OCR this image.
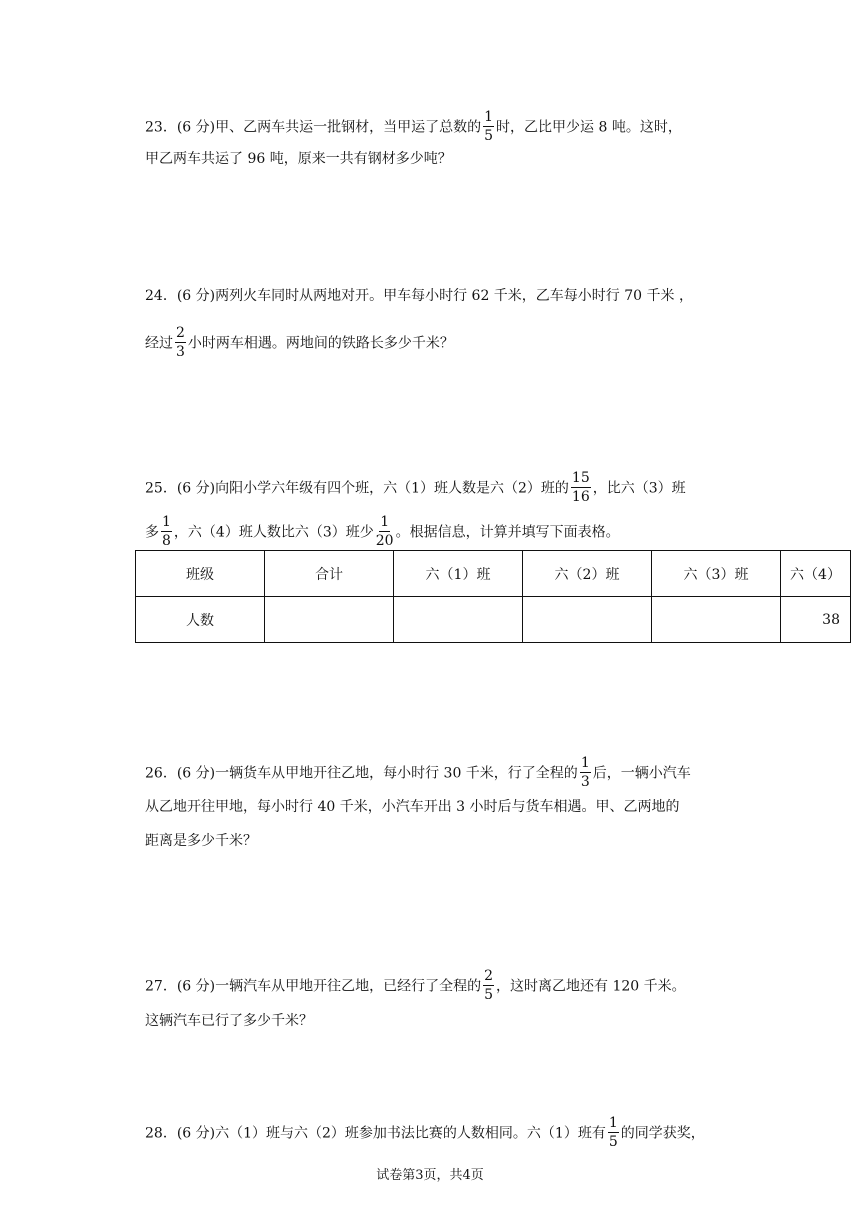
23．(6 分)甲、乙两车共运一批钢材，当甲运了总数的 $\frac{1}{5}$ 时，乙比甲少运 8 吨。这时，
甲乙两车共运了 96 吨，原来一共有钢材多少吨？
24．(6 分)两列火车同时从两地对开。甲车每小时行 62 千米，乙车每小时行 70 千米 ，
经过 $\frac{2}{3}$ 小时两车相遇。两地间的铁路长多少千米？
25．(6 分)向阳小学六年级有四个班，六（1）班人数是六（2）班的 $\frac{15}{16}$ ，比六（3）班
多 $\frac{1}{8}$ ，六（4）班人数比六（3）班少 $\frac{1}{20}$ 。根据信息，计算并填写下面表格。
班级	合计	六（1）班	六（2）班	六（3）班	六（4）
人数					38
26．(6 分)一辆货车从甲地开往乙地，每小时行 30 千米，行了全程的 $\frac{1}{3}$ 后，一辆小汽车
从乙地开往甲地，每小时行 40 千米，小汽车开出 3 小时后与货车相遇。甲、乙两地的
距离是多少千米？
27．(6 分)一辆汽车从甲地开往乙地，已经行了全程的 $\frac{2}{5}$ ，这时离乙地还有 120 千米。
这辆汽车已行了多少千米？
28．(6 分)六（1）班与六（2）班参加书法比赛的人数相同。六（1）班有 $\frac{1}{5}$ 的同学获奖，
试卷第3页，共4页
